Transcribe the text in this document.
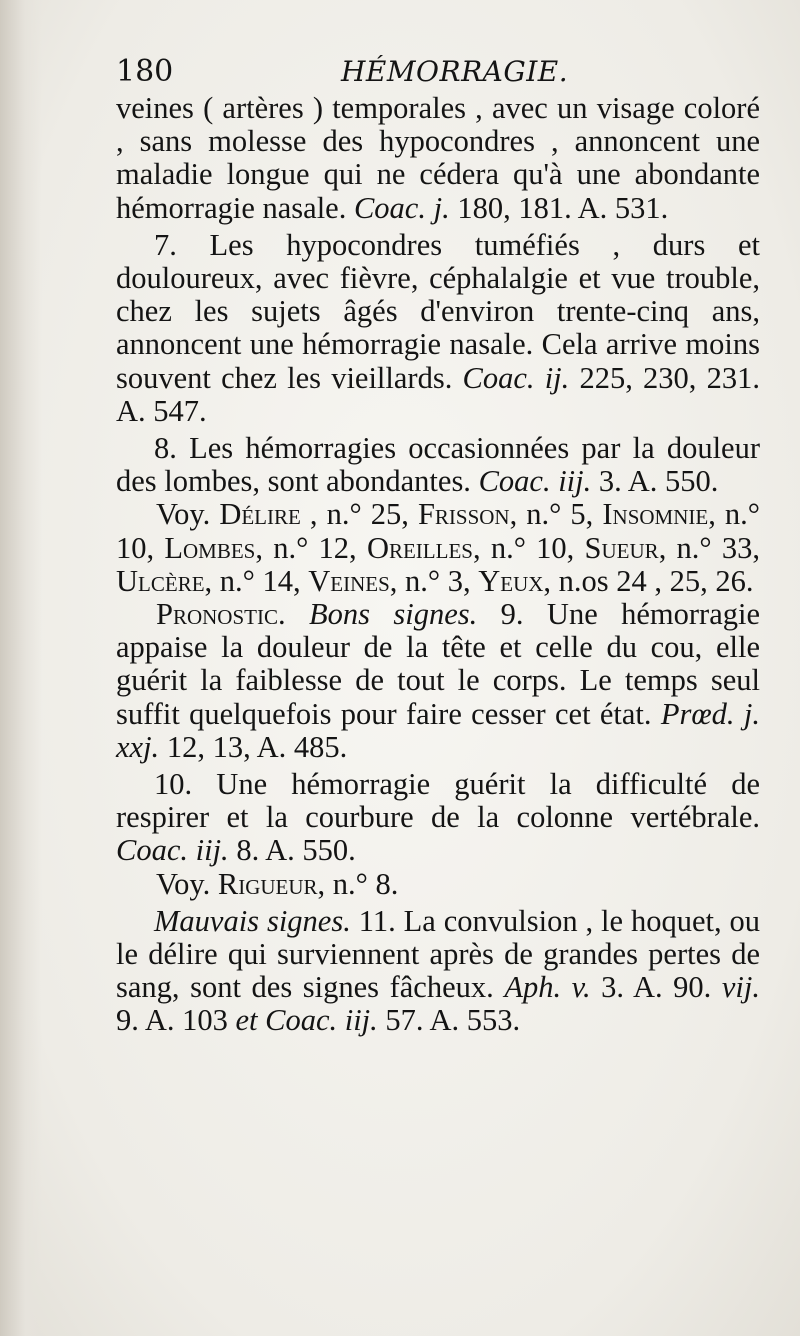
180	HÉMORRAGIE.

veines ( artères ) temporales , avec un visage coloré , sans molesse des hypocondres , annoncent une maladie longue qui ne cédera qu'à une abondante hémorragie nasale. Coac. j. 180, 181. A. 531.

7. Les hypocondres tuméfiés , durs et douloureux, avec fièvre, céphalalgie et vue trouble, chez les sujets âgés d'environ trente-cinq ans, annoncent une hémorragie nasale. Cela arrive moins souvent chez les vieillards. Coac. ij. 225, 230, 231. A. 547.

8. Les hémorragies occasionnées par la douleur des lombes, sont abondantes. Coac. iij. 3. A. 550.

Voy. Délire , n.° 25, Frisson, n.° 5, Insomnie, n.° 10, Lombes, n.° 12, Oreilles, n.° 10, Sueur, n.° 33, Ulcère, n.° 14, Veines, n.° 3, Yeux, n.os 24 , 25, 26.

Pronostic. Bons signes. 9. Une hémorragie appaise la douleur de la tête et celle du cou, elle guérit la faiblesse de tout le corps. Le temps seul suffit quelquefois pour faire cesser cet état. Prœd. j. xxj. 12, 13, A. 485.

10. Une hémorragie guérit la difficulté de respirer et la courbure de la colonne vertébrale. Coac. iij. 8. A. 550.

Voy. Rigueur, n.° 8.

Mauvais signes. 11. La convulsion , le hoquet, ou le délire qui surviennent après de grandes pertes de sang, sont des signes fâcheux. Aph. v. 3. A. 90. vij. 9. A. 103 et Coac. iij. 57. A. 553.
